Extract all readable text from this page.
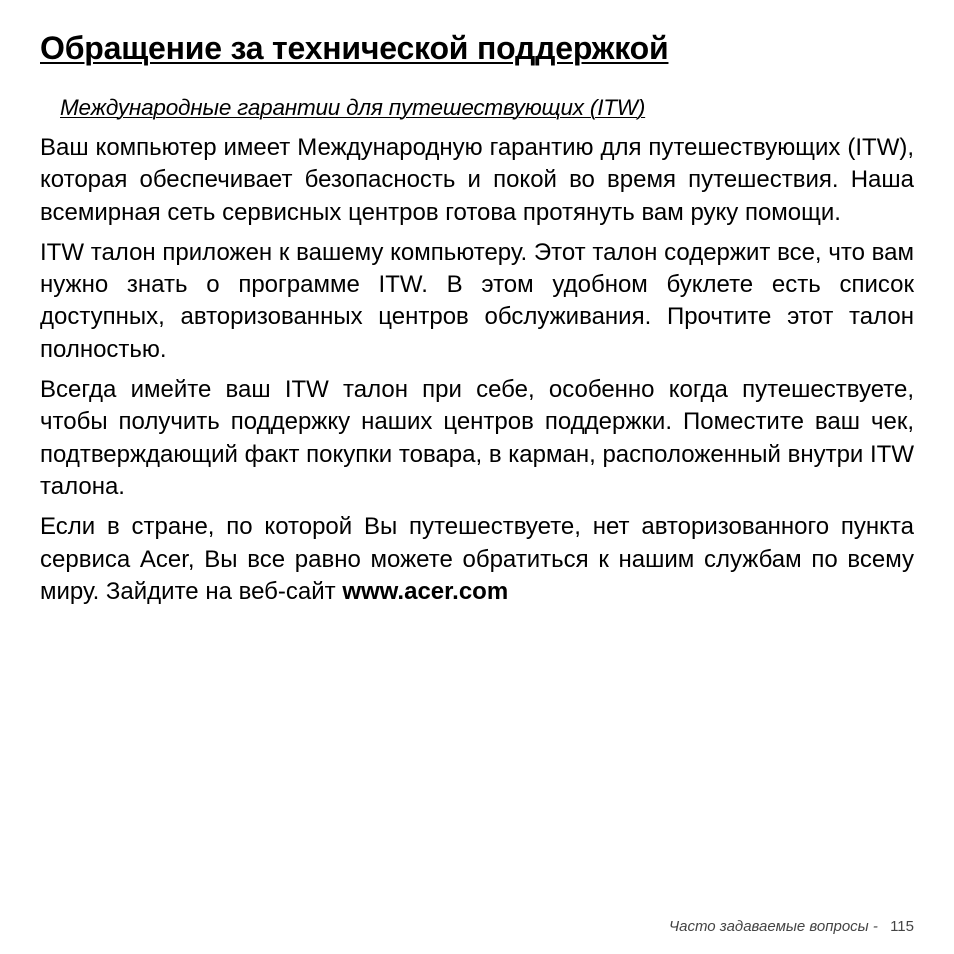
Обращение за технической поддержкой
Международные гарантии для путешествующих (ITW)

Ваш компьютер имеет Международную гарантию для путешествующих (ITW), которая обеспечивает безопасность и покой во время путешествия. Наша всемирная сеть сервисных центров готова протянуть вам руку помощи.

ITW талон приложен к вашему компьютеру. Этот талон содержит все, что вам нужно знать о программе ITW. В этом удобном буклете есть список доступных, авторизованных центров обслуживания. Прочтите этот талон полностью.

Всегда имейте ваш ITW талон при себе, особенно когда путешествуете, чтобы получить поддержку наших центров поддержки. Поместите ваш чек, подтверждающий факт покупки товара, в карман, расположенный внутри ITW талона.

Если в стране, по которой Вы путешествуете, нет авторизованного пункта сервиса Acer, Вы все равно можете обратиться к нашим службам по всему миру. Зайдите на веб-сайт www.acer.com

Часто задаваемые вопросы - 115
